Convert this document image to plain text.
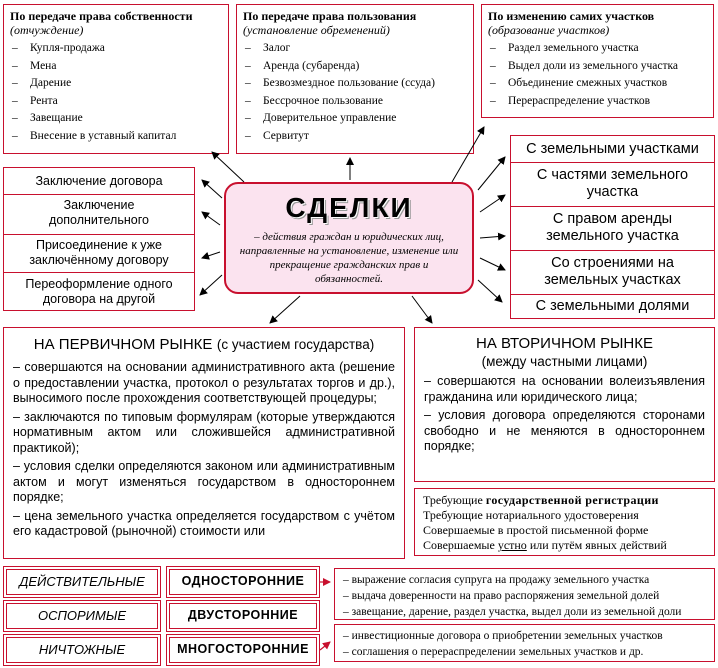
По передаче права собственности
(отчуждение)
– Купля-продажа
– Мена
– Дарение
– Рента
– Завещание
– Внесение в уставный капитал
По передаче права пользования
(установление обременений)
– Залог
– Аренда (субаренда)
– Безвозмездное пользование (ссуда)
– Бессрочное пользование
– Доверительное управление
– Сервитут
По изменению самих участков
(образование участков)
– Раздел земельного участка
– Выдел доли из земельного участка
– Объединение смежных участков
– Перераспределение участков
Заключение договора
Заключение дополнительного
Присоединение к уже заключённому договору
Переоформление одного договора на другой
СДЕЛКИ
– действия граждан и юридических лиц, направленные на установление, изменение или прекращение гражданских прав и обязанностей.
С земельными участками
С частями земельного участка
С правом аренды земельного участка
Со строениями на земельных участках
С земельными долями
НА ПЕРВИЧНОМ РЫНКЕ (с участием государства)

– совершаются на основании административного акта (решение о предоставлении участка, протокол о результатах торгов и др.), выносимого после прохождения соответствующей процедуры;

– заключаются по типовым формулярам (которые утверждаются нормативным актом или сложившейся административной практикой);

– условия сделки определяются законом или административным актом и могут изменяться государством в одностороннем порядке;

– цена земельного участка определяется государством с учётом его кадастровой (рыночной) стоимости или

НА ВТОРИЧНОМ РЫНКЕ
(между частными лицами)

– совершаются на основании волеизъявления гражданина или юридического лица;

– условия договора определяются сторонами свободно и не меняются в одностороннем порядке;

Требующие государственной регистрации
Требующие нотариального удостоверения
Совершаемые в простой письменной форме
Совершаемые устно или путём явных действий
ДЕЙСТВИТЕЛЬНЫЕ
ОСПОРИМЫЕ
НИЧТОЖНЫЕ
ОДНОСТОРОННИЕ
ДВУСТОРОННИЕ
МНОГОСТОРОННИЕ
– выражение согласия супруга на продажу земельного участка
– выдача доверенности на право распоряжения земельной долей
– завещание, дарение, раздел участка, выдел доли из земельной доли
– инвестиционные договора о приобретении земельных участков
– соглашения о перераспределении земельных участков и др.
